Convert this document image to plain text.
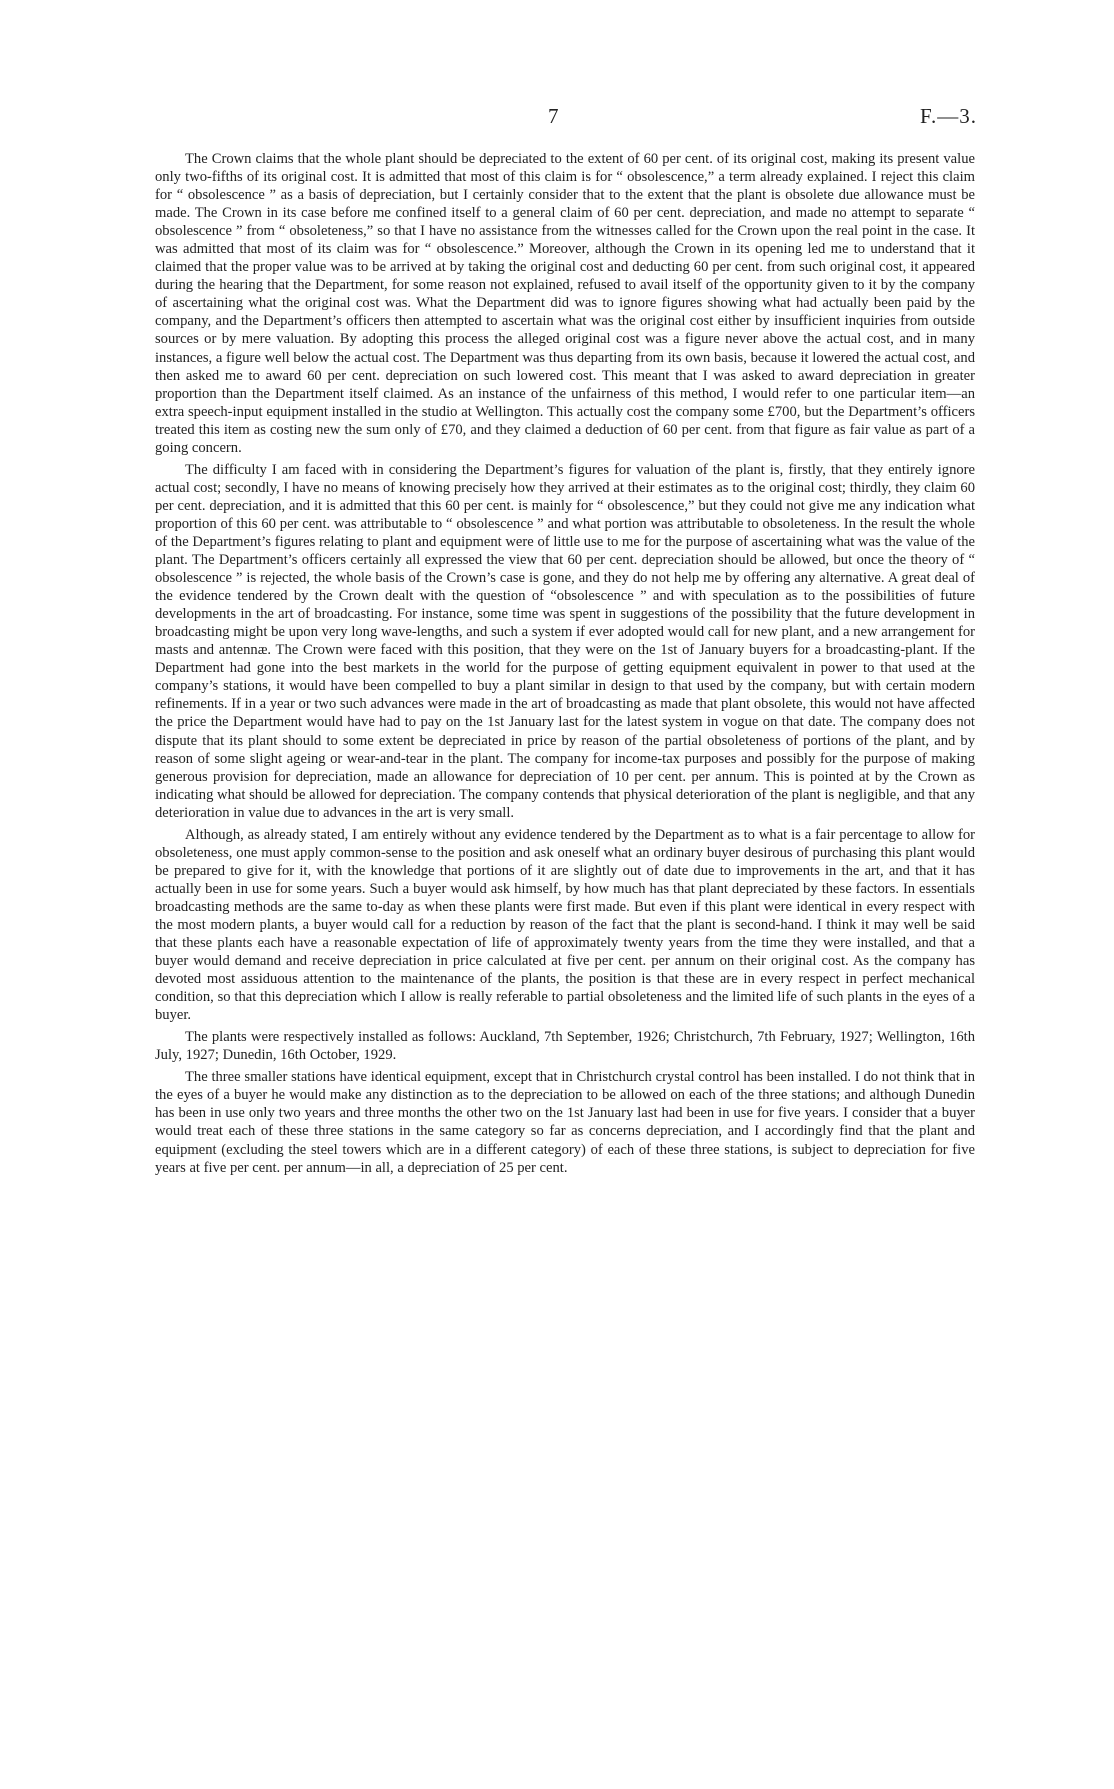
7	F.—3.

The Crown claims that the whole plant should be depreciated to the extent of 60 per cent. of its original cost, making its present value only two-fifths of its original cost. It is admitted that most of this claim is for “ obsolescence,” a term already explained. I reject this claim for “ obsolescence ” as a basis of depreciation, but I certainly consider that to the extent that the plant is obsolete due allowance must be made. The Crown in its case before me confined itself to a general claim of 60 per cent. depreciation, and made no attempt to separate “ obsolescence ” from “ obsoleteness,” so that I have no assistance from the witnesses called for the Crown upon the real point in the case. It was admitted that most of its claim was for “ obsolescence.” Moreover, although the Crown in its opening led me to understand that it claimed that the proper value was to be arrived at by taking the original cost and deducting 60 per cent. from such original cost, it appeared during the hearing that the Department, for some reason not explained, refused to avail itself of the opportunity given to it by the company of ascertaining what the original cost was. What the Department did was to ignore figures showing what had actually been paid by the company, and the Department’s officers then attempted to ascertain what was the original cost either by insufficient inquiries from outside sources or by mere valuation. By adopting this process the alleged original cost was a figure never above the actual cost, and in many instances, a figure well below the actual cost. The Department was thus departing from its own basis, because it lowered the actual cost, and then asked me to award 60 per cent. depreciation on such lowered cost. This meant that I was asked to award depreciation in greater proportion than the Department itself claimed. As an instance of the unfairness of this method, I would refer to one particular item—an extra speech-input equipment installed in the studio at Wellington. This actually cost the company some £700, but the Department’s officers treated this item as costing new the sum only of £70, and they claimed a deduction of 60 per cent. from that figure as fair value as part of a going concern.

The difficulty I am faced with in considering the Department’s figures for valuation of the plant is, firstly, that they entirely ignore actual cost; secondly, I have no means of knowing precisely how they arrived at their estimates as to the original cost; thirdly, they claim 60 per cent. depreciation, and it is admitted that this 60 per cent. is mainly for “ obsolescence,” but they could not give me any indication what proportion of this 60 per cent. was attributable to “ obsolescence ” and what portion was attributable to obsoleteness. In the result the whole of the Department’s figures relating to plant and equipment were of little use to me for the purpose of ascertaining what was the value of the plant. The Department’s officers certainly all expressed the view that 60 per cent. depreciation should be allowed, but once the theory of “ obsolescence ” is rejected, the whole basis of the Crown’s case is gone, and they do not help me by offering any alternative. A great deal of the evidence tendered by the Crown dealt with the question of “obsolescence ” and with speculation as to the possibilities of future developments in the art of broadcasting. For instance, some time was spent in suggestions of the possibility that the future development in broadcasting might be upon very long wave-lengths, and such a system if ever adopted would call for new plant, and a new arrangement for masts and antennæ. The Crown were faced with this position, that they were on the 1st of January buyers for a broadcasting-plant. If the Department had gone into the best markets in the world for the purpose of getting equipment equivalent in power to that used at the company’s stations, it would have been compelled to buy a plant similar in design to that used by the company, but with certain modern refinements. If in a year or two such advances were made in the art of broadcasting as made that plant obsolete, this would not have affected the price the Department would have had to pay on the 1st January last for the latest system in vogue on that date. The company does not dispute that its plant should to some extent be depreciated in price by reason of the partial obsoleteness of portions of the plant, and by reason of some slight ageing or wear-and-tear in the plant. The company for income-tax purposes and possibly for the purpose of making generous provision for depreciation, made an allowance for depreciation of 10 per cent. per annum. This is pointed at by the Crown as indicating what should be allowed for depreciation. The company contends that physical deterioration of the plant is negligible, and that any deterioration in value due to advances in the art is very small.

Although, as already stated, I am entirely without any evidence tendered by the Department as to what is a fair percentage to allow for obsoleteness, one must apply common-sense to the position and ask oneself what an ordinary buyer desirous of purchasing this plant would be prepared to give for it, with the knowledge that portions of it are slightly out of date due to improvements in the art, and that it has actually been in use for some years. Such a buyer would ask himself, by how much has that plant depreciated by these factors. In essentials broadcasting methods are the same to-day as when these plants were first made. But even if this plant were identical in every respect with the most modern plants, a buyer would call for a reduction by reason of the fact that the plant is second-hand. I think it may well be said that these plants each have a reasonable expectation of life of approximately twenty years from the time they were installed, and that a buyer would demand and receive depreciation in price calculated at five per cent. per annum on their original cost. As the company has devoted most assiduous attention to the maintenance of the plants, the position is that these are in every respect in perfect mechanical condition, so that this depreciation which I allow is really referable to partial obsoleteness and the limited life of such plants in the eyes of a buyer.

The plants were respectively installed as follows: Auckland, 7th September, 1926; Christchurch, 7th February, 1927; Wellington, 16th July, 1927; Dunedin, 16th October, 1929.

The three smaller stations have identical equipment, except that in Christchurch crystal control has been installed. I do not think that in the eyes of a buyer he would make any distinction as to the depreciation to be allowed on each of the three stations; and although Dunedin has been in use only two years and three months the other two on the 1st January last had been in use for five years. I consider that a buyer would treat each of these three stations in the same category so far as concerns depreciation, and I accordingly find that the plant and equipment (excluding the steel towers which are in a different category) of each of these three stations, is subject to depreciation for five years at five per cent. per annum—in all, a depreciation of 25 per cent.
